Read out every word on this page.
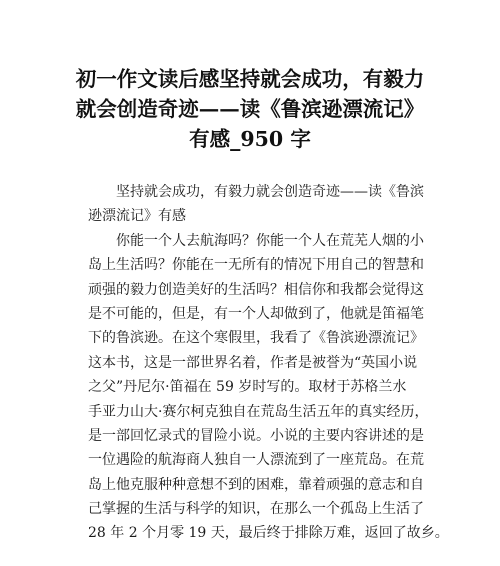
初一作文读后感坚持就会成功，有毅力
就会创造奇迹——读《鲁滨逊漂流记》
有感_950 字
坚持就会成功，有毅力就会创造奇迹——读《鲁滨
逊漂流记》有感
你能一个人去航海吗？你能一个人在荒芜人烟的小
岛上生活吗？你能在一无所有的情况下用自己的智慧和
顽强的毅力创造美好的生活吗？相信你和我都会觉得这
是不可能的，但是，有一个人却做到了，他就是笛福笔
下的鲁滨逊。在这个寒假里，我看了《鲁滨逊漂流记》
这本书，这是一部世界名着，作者是被誉为“英国小说
之父”丹尼尔·笛福在 59 岁时写的。取材于苏格兰水
手亚力山大·赛尔柯克独自在荒岛生活五年的真实经历，
是一部回忆录式的冒险小说。小说的主要内容讲述的是
一位遇险的航海商人独自一人漂流到了一座荒岛。在荒
岛上他克服种种意想不到的困难，靠着顽强的意志和自
己掌握的生活与科学的知识，在那么一个孤岛上生活了
28 年 2 个月零 19 天，最后终于排除万难，返回了故乡。
